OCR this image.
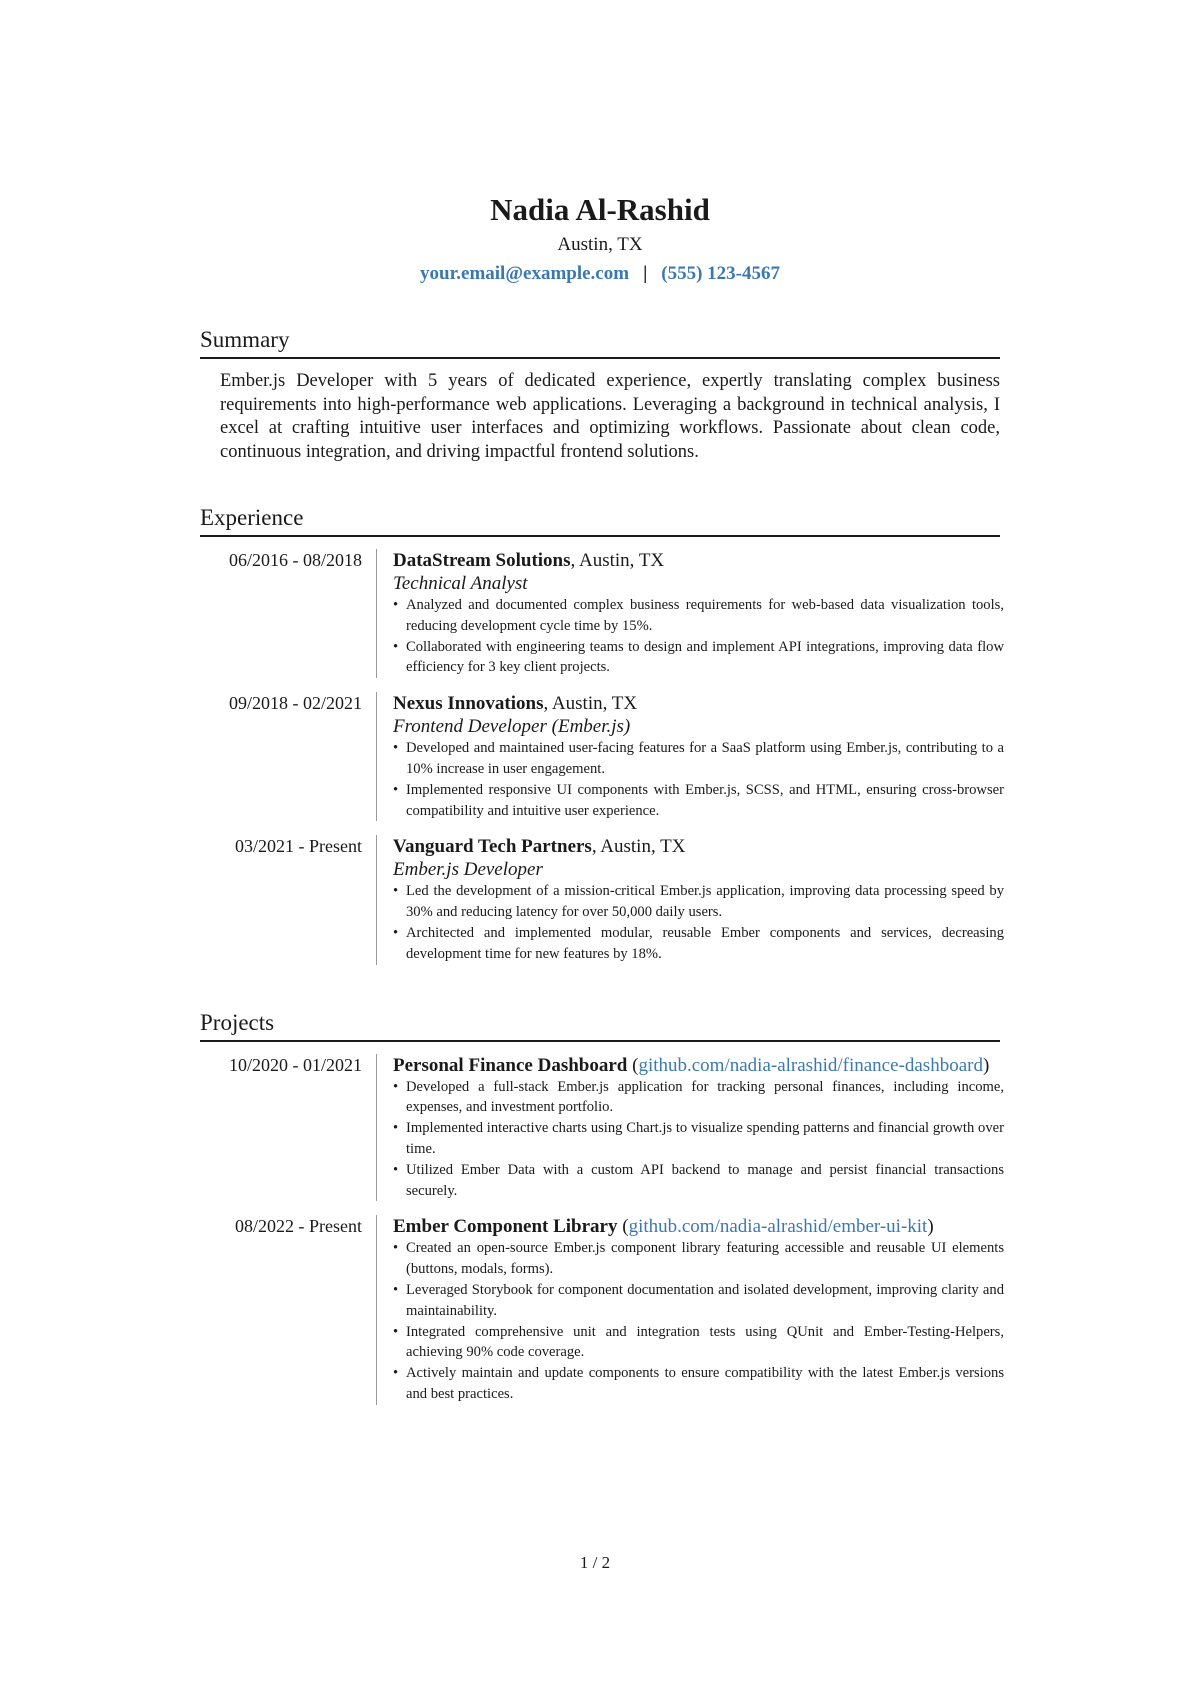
Nadia Al-Rashid
Austin, TX
your.email@example.com | (555) 123-4567
Summary

Ember.js Developer with 5 years of dedicated experience, expertly translating complex business requirements into high-performance web applications. Leveraging a background in technical analysis, I excel at crafting intuitive user interfaces and optimizing workflows. Passionate about clean code, continuous integration, and driving impactful frontend solutions.

Experience
06/2016 - 08/2018	DataStream Solutions, Austin, TX
Technical Analyst
• Analyzed and documented complex business requirements for web-based data visualization tools, reducing development cycle time by 15%.
• Collaborated with engineering teams to design and implement API integrations, improving data flow efficiency for 3 key client projects.
09/2018 - 02/2021	Nexus Innovations, Austin, TX
Frontend Developer (Ember.js)
• Developed and maintained user-facing features for a SaaS platform using Ember.js, contributing to a 10% increase in user engagement.
• Implemented responsive UI components with Ember.js, SCSS, and HTML, ensuring cross-browser compatibility and intuitive user experience.
03/2021 - Present	Vanguard Tech Partners, Austin, TX
Ember.js Developer
• Led the development of a mission-critical Ember.js application, improving data processing speed by 30% and reducing latency for over 50,000 daily users.
• Architected and implemented modular, reusable Ember components and services, decreasing development time for new features by 18%.
Projects
10/2020 - 01/2021	Personal Finance Dashboard (github.com/nadia-alrashid/finance-dashboard)
• Developed a full-stack Ember.js application for tracking personal finances, including income, expenses, and investment portfolio.
• Implemented interactive charts using Chart.js to visualize spending patterns and financial growth over time.
• Utilized Ember Data with a custom API backend to manage and persist financial transactions securely.
08/2022 - Present	Ember Component Library (github.com/nadia-alrashid/ember-ui-kit)
• Created an open-source Ember.js component library featuring accessible and reusable UI elements (buttons, modals, forms).
• Leveraged Storybook for component documentation and isolated development, improving clarity and maintainability.
• Integrated comprehensive unit and integration tests using QUnit and Ember-Testing-Helpers, achieving 90% code coverage.
• Actively maintain and update components to ensure compatibility with the latest Ember.js versions and best practices.
1 / 2
